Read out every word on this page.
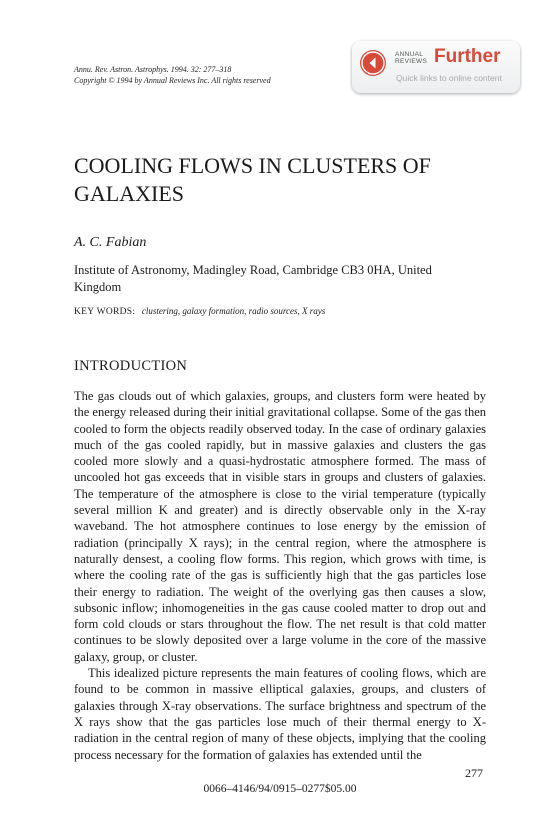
Annu. Rev. Astron. Astrophys. 1994. 32: 277–318
Copyright © 1994 by Annual Reviews Inc. All rights reserved
ANNUAL
REVIEWS Further
Quick links to online content
COOLING FLOWS IN CLUSTERS OF GALAXIES
A. C. Fabian
Institute of Astronomy, Madingley Road, Cambridge CB3 0HA, United Kingdom
KEY WORDS: clustering, galaxy formation, radio sources, X rays
INTRODUCTION

The gas clouds out of which galaxies, groups, and clusters form were heated by the energy released during their initial gravitational collapse. Some of the gas then cooled to form the objects readily observed today. In the case of ordinary galaxies much of the gas cooled rapidly, but in massive galaxies and clusters the gas cooled more slowly and a quasi-hydrostatic atmosphere formed. The mass of uncooled hot gas exceeds that in visible stars in groups and clusters of galaxies. The temperature of the atmosphere is close to the virial temperature (typically several million K and greater) and is directly observable only in the X-ray waveband. The hot atmosphere continues to lose energy by the emission of radiation (principally X rays); in the central region, where the atmosphere is naturally densest, a cooling flow forms. This region, which grows with time, is where the cooling rate of the gas is sufficiently high that the gas particles lose their energy to radiation. The weight of the overlying gas then causes a slow, subsonic inflow; inhomogeneities in the gas cause cooled matter to drop out and form cold clouds or stars throughout the flow. The net result is that cold matter continues to be slowly deposited over a large volume in the core of the massive galaxy, group, or cluster.

This idealized picture represents the main features of cooling flows, which are found to be common in massive elliptical galaxies, groups, and clusters of galaxies through X-ray observations. The surface brightness and spectrum of the X rays show that the gas particles lose much of their thermal energy to X-radiation in the central region of many of these objects, implying that the cooling process necessary for the formation of galaxies has extended until the

277
0066–4146/94/0915–0277$05.00
